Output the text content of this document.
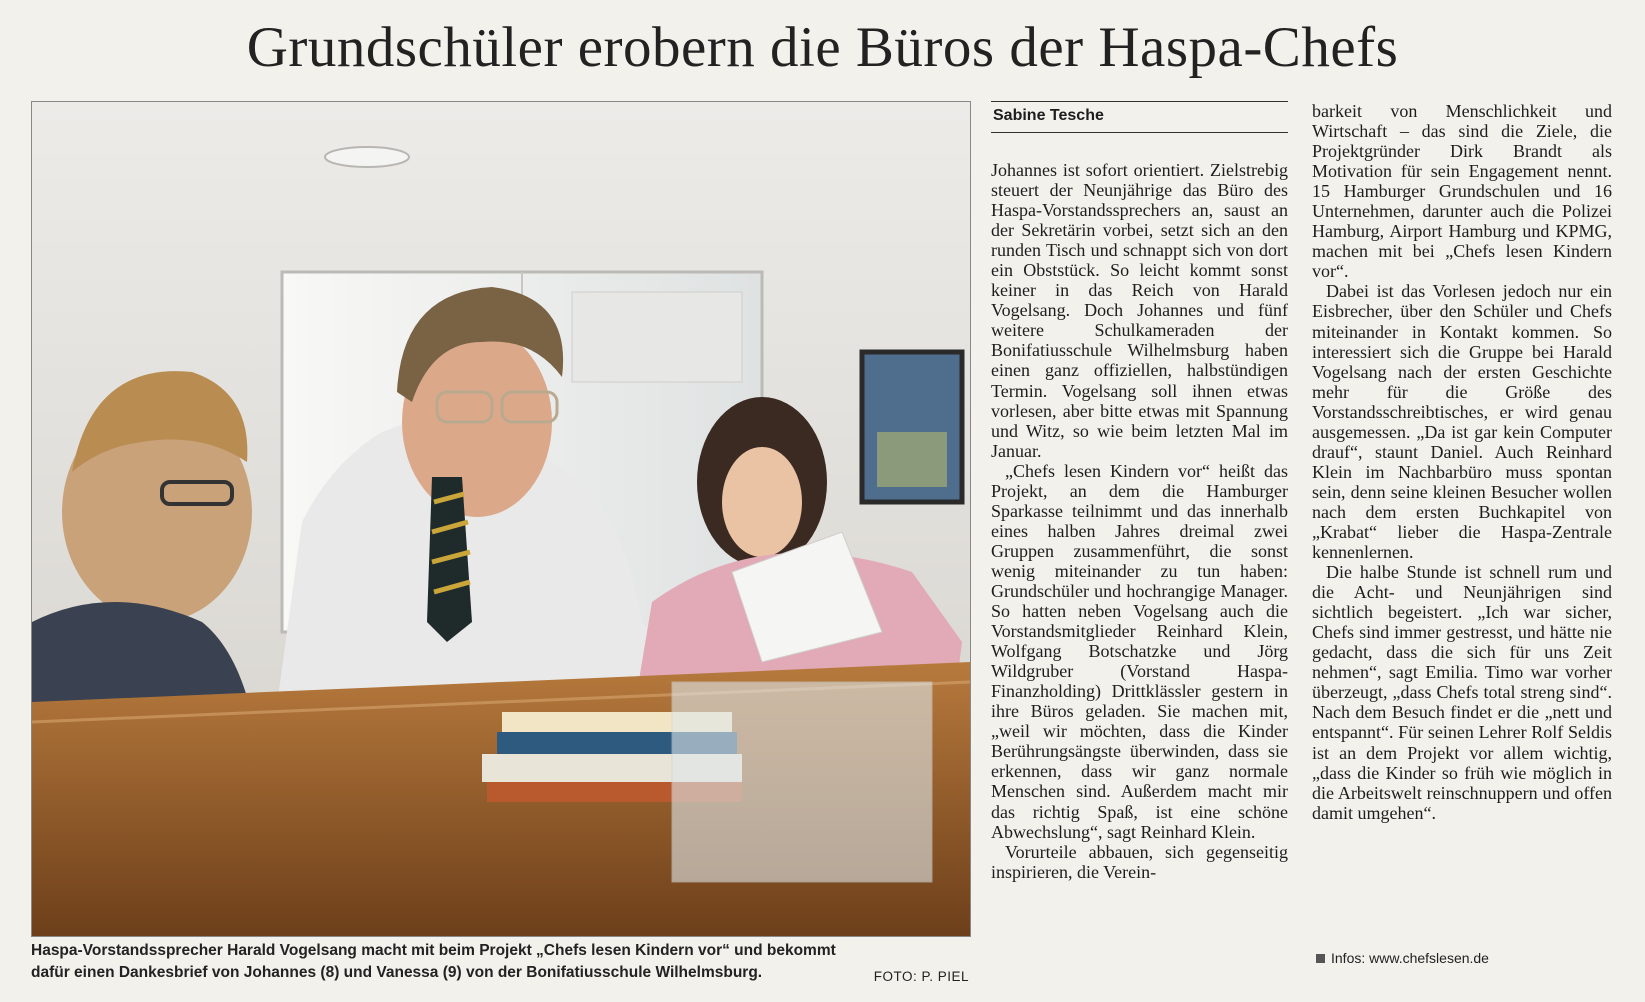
Grundschüler erobern die Büros der Haspa-Chefs
Haspa-Vorstandssprecher Harald Vogelsang macht mit beim Projekt „Chefs lesen Kindern vor“ und bekommt
dafür einen Dankesbrief von Johannes (8) und Vanessa (9) von der Bonifatiusschule Wilhelmsburg.	FOTO: P. PIEL
Sabine Tesche

Johannes ist sofort orientiert. Zielstrebig steuert der Neunjährige das Büro des Haspa-Vorstandssprechers an, saust an der Sekretärin vorbei, setzt sich an den runden Tisch und schnappt sich von dort ein Obststück. So leicht kommt sonst keiner in das Reich von Harald Vogelsang. Doch Johannes und fünf weitere Schulkameraden der Bonifatiusschule Wilhelmsburg haben einen ganz offiziellen, halbstündigen Termin. Vogelsang soll ihnen etwas vorlesen, aber bitte etwas mit Spannung und Witz, so wie beim letzten Mal im Januar.

„Chefs lesen Kindern vor“ heißt das Projekt, an dem die Hamburger Sparkasse teilnimmt und das innerhalb eines halben Jahres dreimal zwei Gruppen zusammenführt, die sonst wenig miteinander zu tun haben: Grundschüler und hochrangige Manager. So hatten neben Vogelsang auch die Vorstandsmitglieder Reinhard Klein, Wolfgang Botschatzke und Jörg Wildgruber (Vorstand Haspa-Finanzholding) Drittklässler gestern in ihre Büros geladen. Sie machen mit, „weil wir möchten, dass die Kinder Berührungsängste überwinden, dass sie erkennen, dass wir ganz normale Menschen sind. Außerdem macht mir das richtig Spaß, ist eine schöne Abwechslung“, sagt Reinhard Klein.

Vorurteile abbauen, sich gegenseitig inspirieren, die Verein-

barkeit von Menschlichkeit und Wirtschaft – das sind die Ziele, die Projektgründer Dirk Brandt als Motivation für sein Engagement nennt. 15 Hamburger Grundschulen und 16 Unternehmen, darunter auch die Polizei Hamburg, Airport Hamburg und KPMG, machen mit bei „Chefs lesen Kindern vor“.

Dabei ist das Vorlesen jedoch nur ein Eisbrecher, über den Schüler und Chefs miteinander in Kontakt kommen. So interessiert sich die Gruppe bei Harald Vogelsang nach der ersten Geschichte mehr für die Größe des Vorstandsschreibtisches, er wird genau ausgemessen. „Da ist gar kein Computer drauf“, staunt Daniel. Auch Reinhard Klein im Nachbarbüro muss spontan sein, denn seine kleinen Besucher wollen nach dem ersten Buchkapitel von „Krabat“ lieber die Haspa-Zentrale kennenlernen.

Die halbe Stunde ist schnell rum und die Acht- und Neunjährigen sind sichtlich begeistert. „Ich war sicher, Chefs sind immer gestresst, und hätte nie gedacht, dass die sich für uns Zeit nehmen“, sagt Emilia. Timo war vorher überzeugt, „dass Chefs total streng sind“. Nach dem Besuch findet er die „nett und entspannt“. Für seinen Lehrer Rolf Seldis ist an dem Projekt vor allem wichtig, „dass die Kinder so früh wie möglich in die Arbeitswelt reinschnuppern und offen damit umgehen“.

Infos: www.chefslesen.de
